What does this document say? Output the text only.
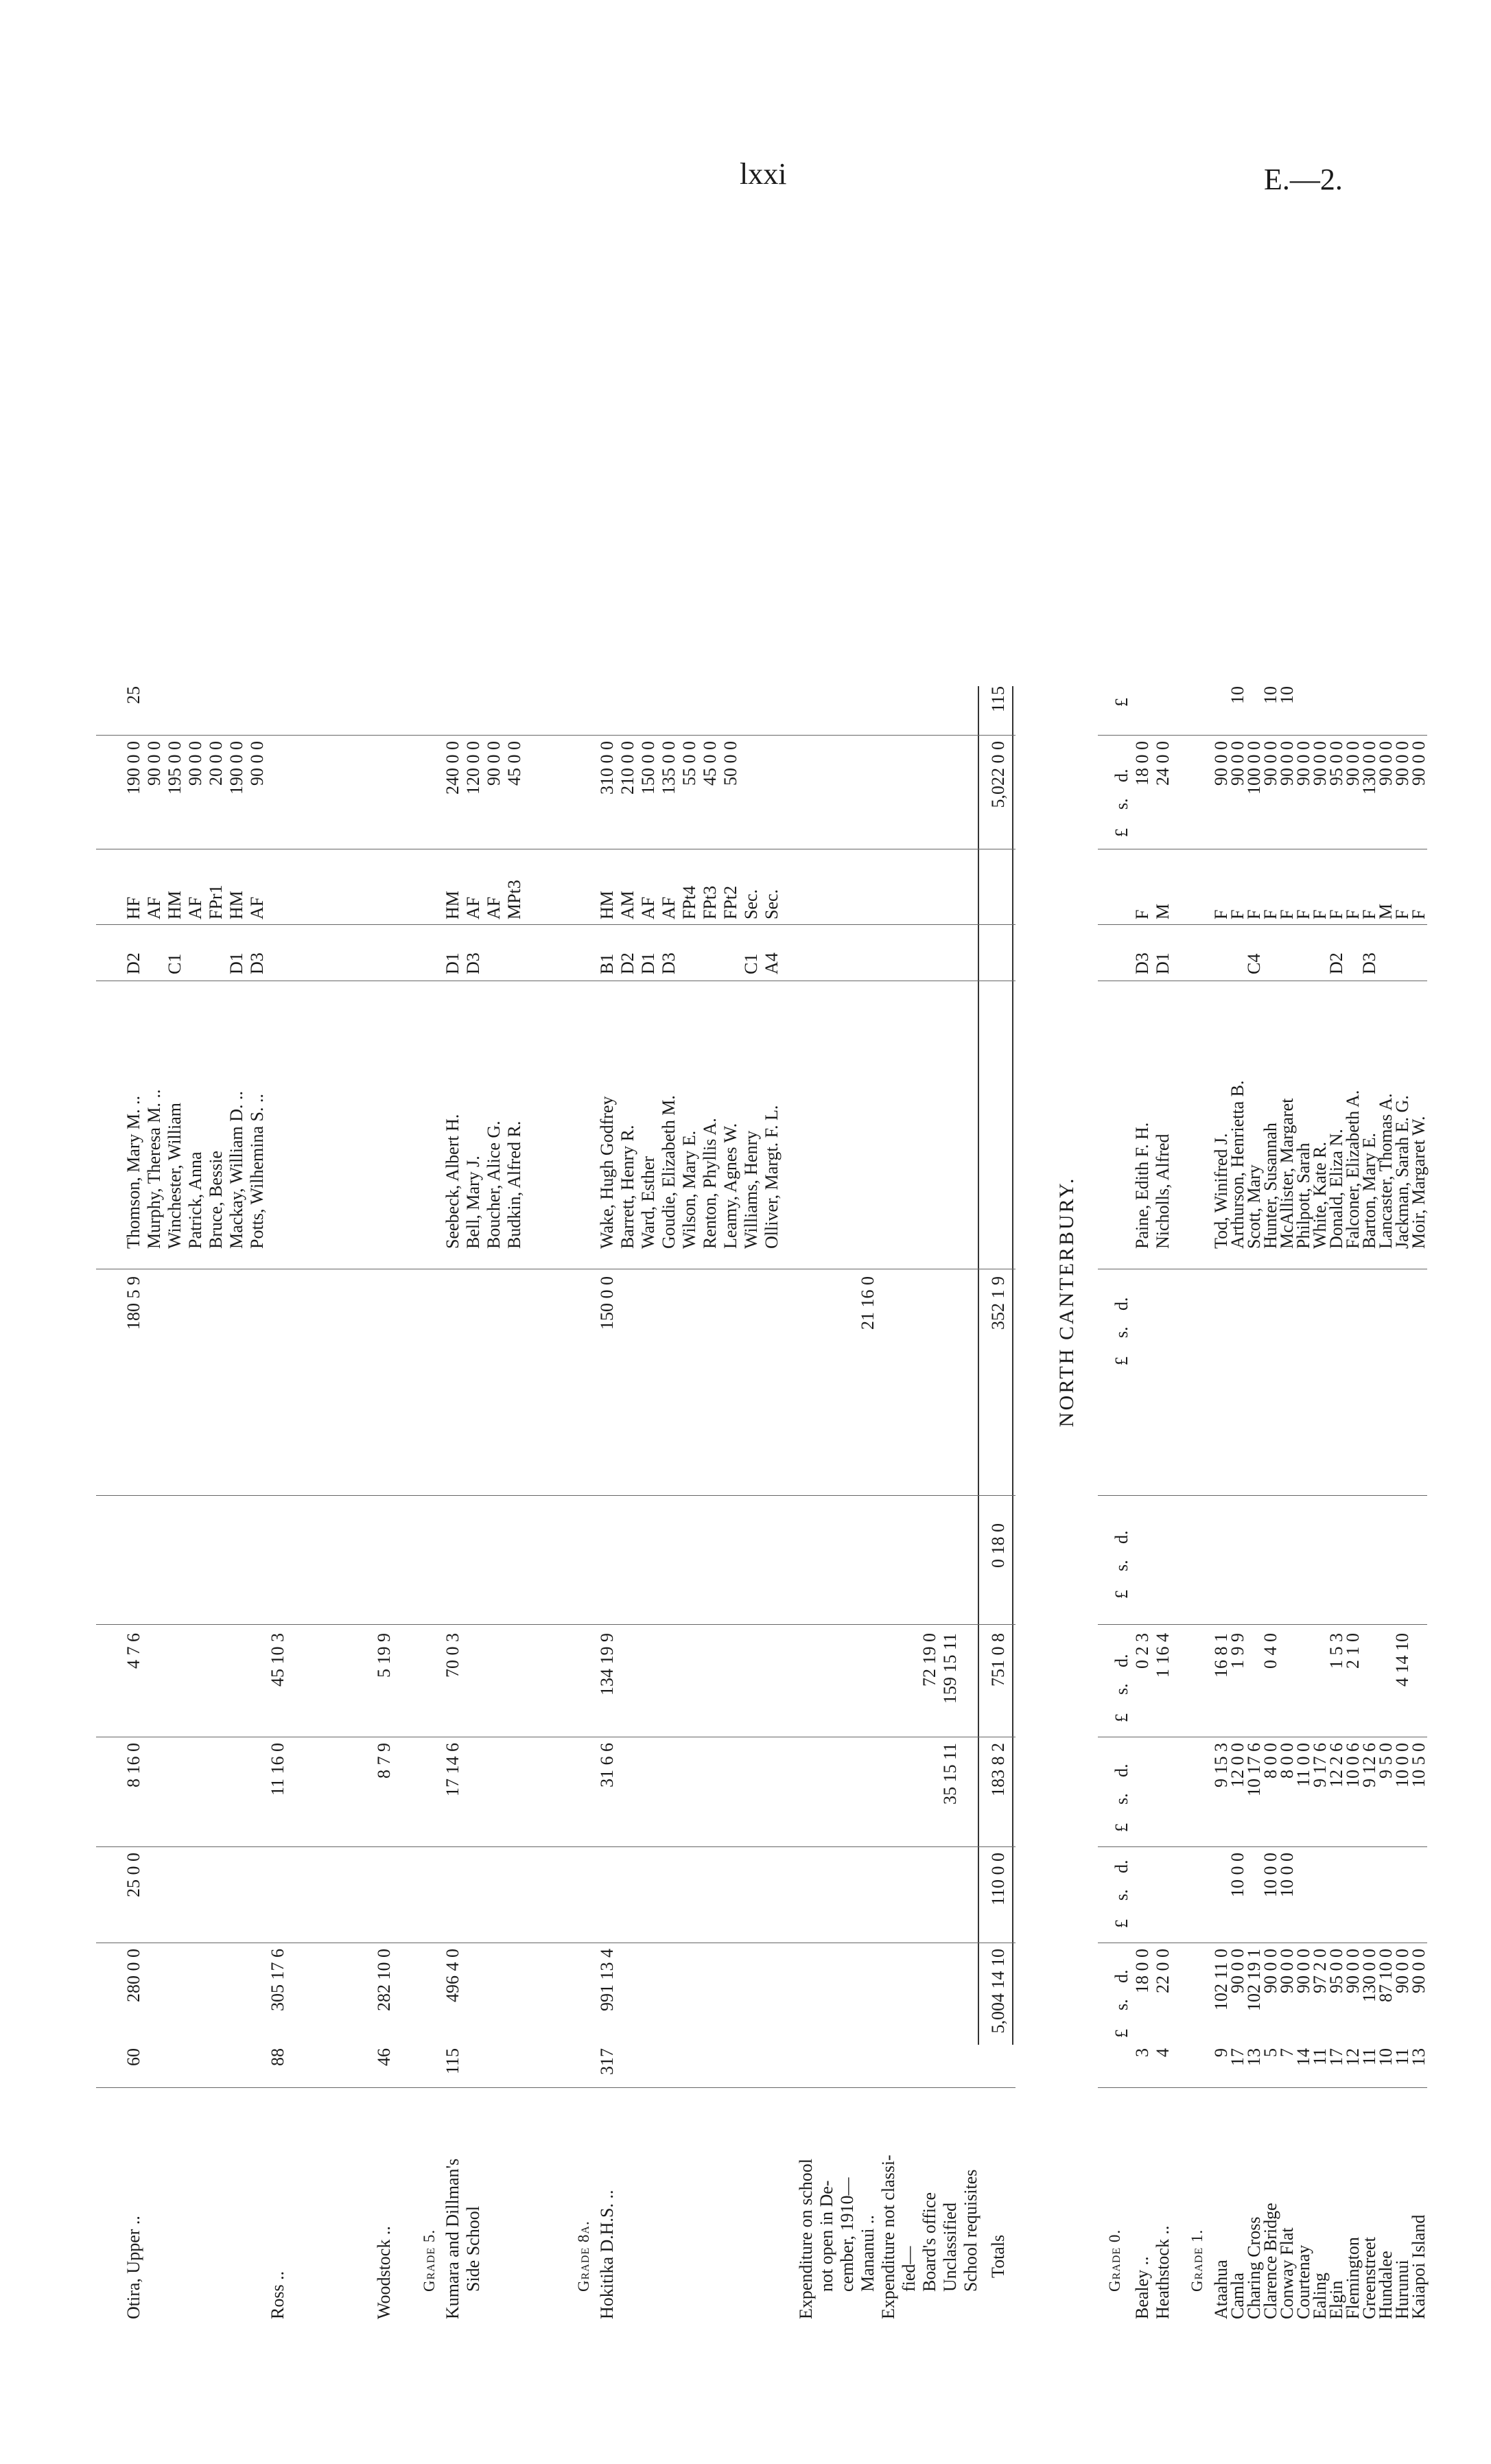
lxxi	E.—2.
Otira, Upper ..
60
280 0 0
25 0 0
8 16 0
4 7 6
180 5 9
Thomson, Mary M. ..
D2
HF
190 0 0
25
Murphy, Theresa M. ..
AF
90 0 0
Winchester, William
C1
HM
195 0 0
Patrick, Anna
AF
90 0 0
Bruce, Bessie
FPr1
20 0 0
Mackay, William D. ..
D1
HM
190 0 0
Potts, Wilhemina S. ..
D3
AF
90 0 0
Ross ..
88
305 17 6
11 16 0
45 10 3
Woodstock ..
46
282 10 0
8 7 9
5 19 9
Grade 5. Kumara and Dillman's Side School
115
496 4 0
17 14 6
70 0 3
Seebeck, Albert H.
D1
HM
240 0 0
Bell, Mary J.
D3
AF
120 0 0
Boucher, Alice G.
AF
90 0 0
Budkin, Alfred R.
MPt3
45 0 0
Grade 8a. Hokitika D.H.S. ..
317
991 13 4
31 6 6
134 19 9
150 0 0
Wake, Hugh Godfrey
B1
HM
310 0 0
Barrett, Henry R.
D2
AM
210 0 0
Ward, Esther
D1
AF
150 0 0
Goudie, Elizabeth M.
D3
AF
135 0 0
Wilson, Mary E.
FPt4
55 0 0
Renton, Phyllis A.
FPt3
45 0 0
Leamy, Agnes W.
FPt2
50 0 0
Williams, Henry
C1
Sec.
Olliver, Margt. F. L.
A4
Sec.
Expenditure on school not open in De- cember, 1910— Mananui .. Expenditure not classi- fied— Board's office Unclassified School requisites
21 16 0
72 19 0
35 15 11
159 15 11
Totals
5,004 14 10
110 0 0
183 8 2
751 0 8
0 18 0
352 1 9
5,022 0 0
115
NORTH CANTERBURY.
£
s.
d.
£
s.
d.
£
s.
d.
£
s.
d.
£
s.
d.
£
s.
d.
£
s.
d.
£
Grade 0. Bealey ..
3
18 0 0
0 2 3
Paine, Edith F. H.
D3
F
18 0 0
Heathstock ..
4
22 0 0
1 16 4
Nicholls, Alfred
D1
M
24 0 0
Grade 1. Ataahua
9
102 11 0
9 15 3
16 8 1
Tod, Winifred J.
F
90 0 0
Camla
17
90 0 0
10 0 0
12 0 0
1 9 9
Arthurson, Henrietta B.
F
90 0 0
10
Charing Cross
13
102 19 1
10 17 6
Scott, Mary
C4
F
100 0 0
Clarence Bridge
5
90 0 0
10 0 0
8 0 0
0 4 0
Hunter, Susannah
F
90 0 0
10
Conway Flat
7
90 0 0
10 0 0
8 0 0
McAllister, Margaret
F
90 0 0
10
Courtenay
14
90 0 0
11 0 0
Philpott, Sarah
F
90 0 0
Ealing
11
97 2 0
9 17 6
White, Kate R.
F
90 0 0
Elgin
17
95 0 0
12 2 6
1 5 3
Donald, Eliza N.
D2
F
95 0 0
Flemington
12
90 0 0
10 0 6
2 1 0
Falconer, Elizabeth A.
F
90 0 0
Greenstreet
11
130 0 0
9 12 6
Barton, Mary E.
D3
F
130 0 0
Hundalee
10
87 10 0
9 5 0
Lancaster, Thomas A.
M
90 0 0
Hurunui
11
90 0 0
10 0 0
4 14 10
Jackman, Sarah E. G.
F
90 0 0
Kaiapoi Island
13
90 0 0
10 5 0
Moir, Margaret W.
F
90 0 0
